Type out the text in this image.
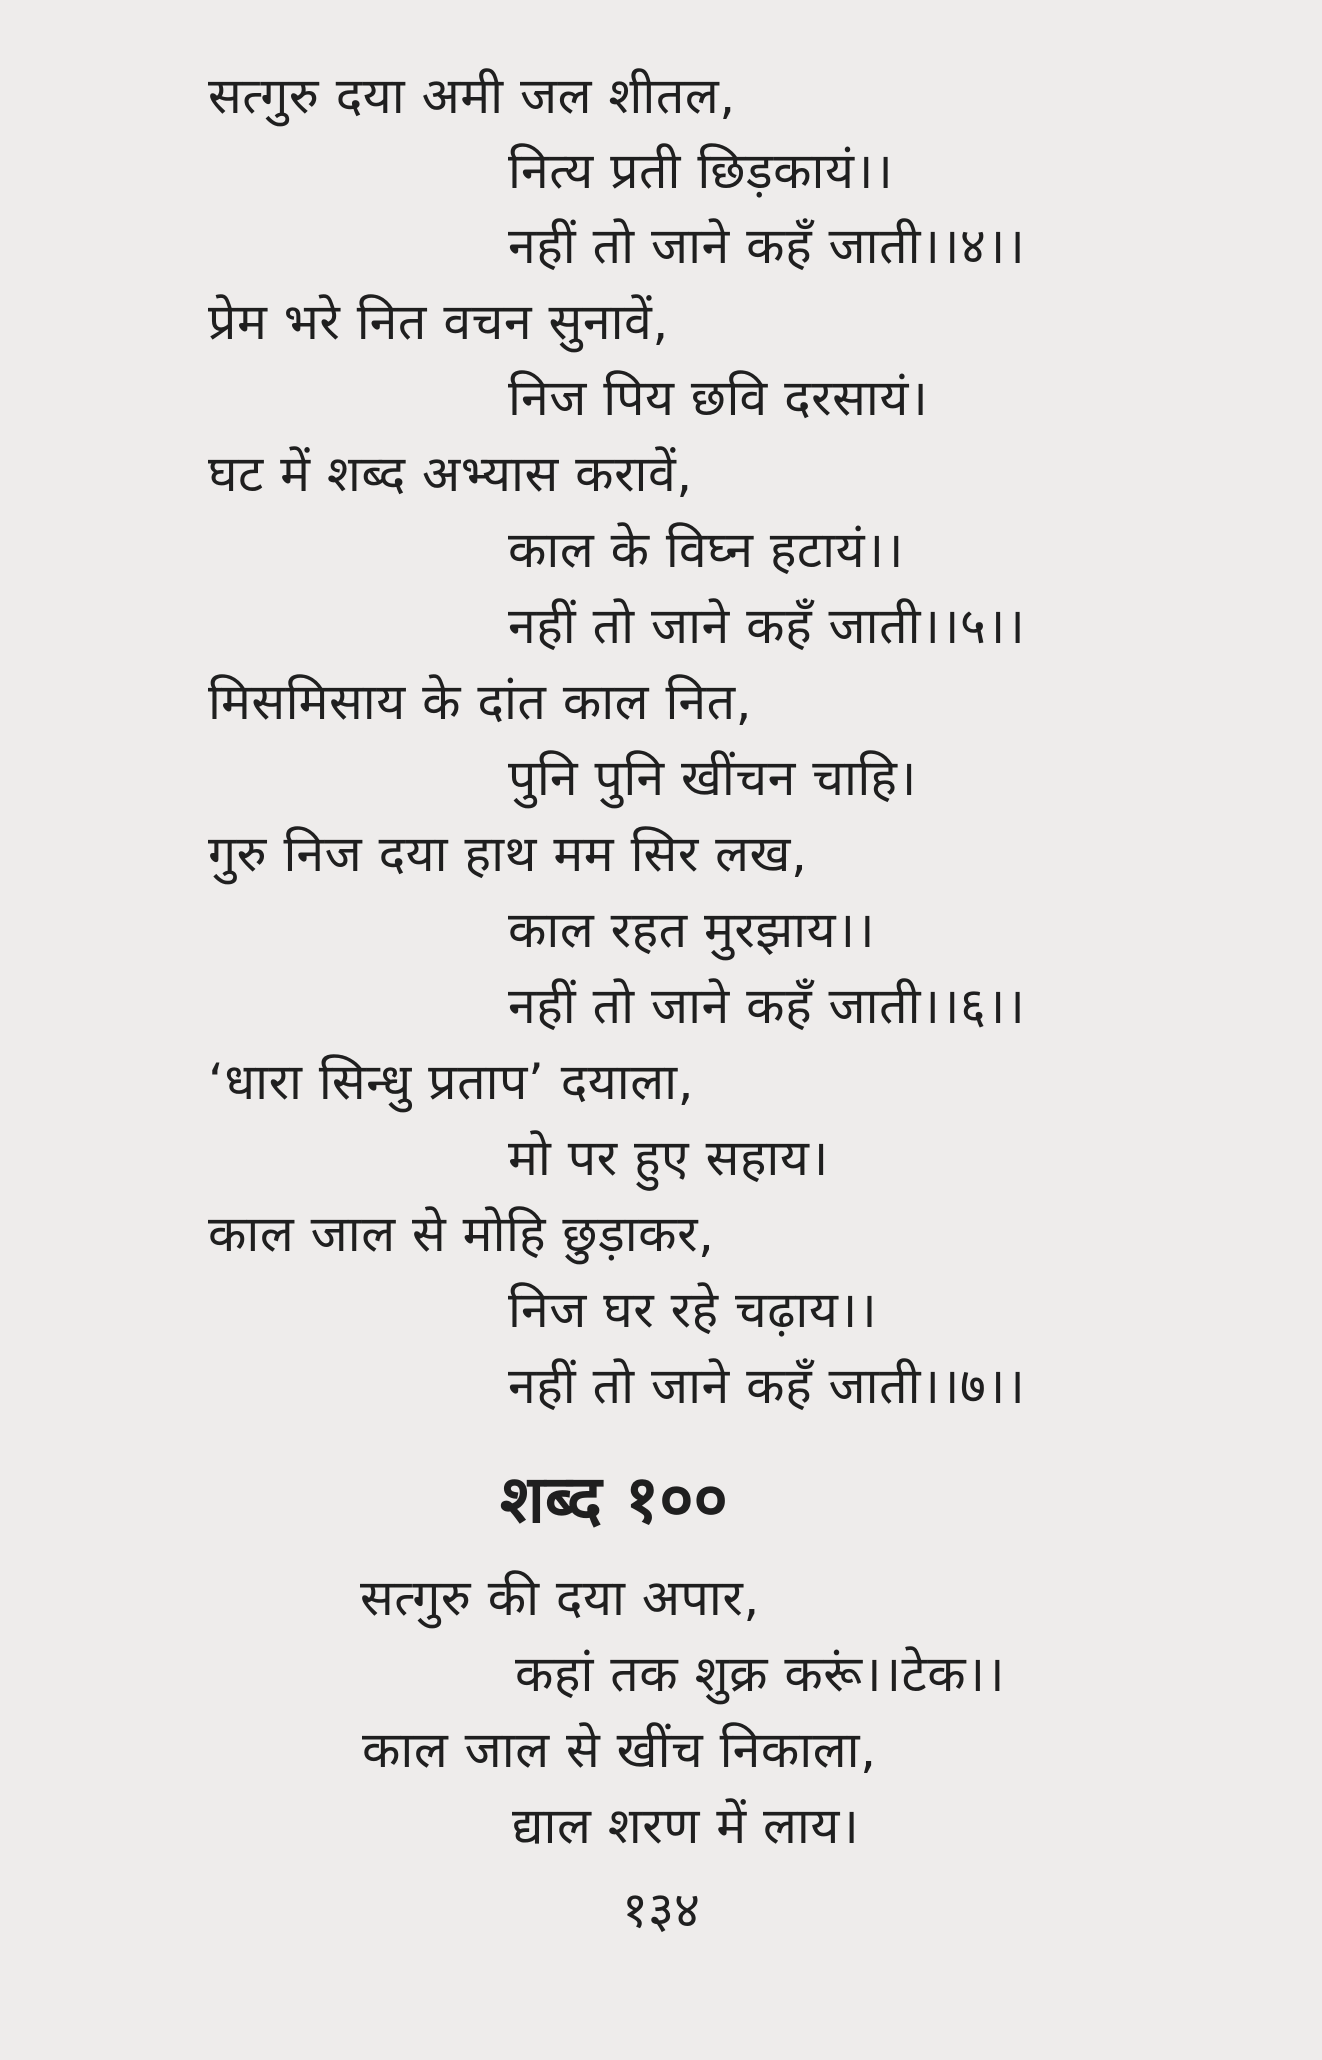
सत्गुरु दया अमी जल शीतल,
नित्य प्रती छिड़कायं।।
नहीं तो जाने कहँ जाती।।४।।
प्रेम भरे नित वचन सुनावें,
निज पिय छवि दरसायं।
घट में शब्द अभ्यास करावें,
काल के विघ्न हटायं।।
नहीं तो जाने कहँ जाती।।५।।
मिसमिसाय के दांत काल नित,
पुनि पुनि खींचन चाहि।
गुरु निज दया हाथ मम सिर लख,
काल रहत मुरझाय।।
नहीं तो जाने कहँ जाती।।६।।
‘धारा सिन्धु प्रताप’ दयाला,
मो पर हुए सहाय।
काल जाल से मोहि छुड़ाकर,
निज घर रहे चढ़ाय।।
नहीं तो जाने कहँ जाती।।७।।
शब्द १००
सत्गुरु की दया अपार,
कहां तक शुक्र करूं।।टेक।।
काल जाल से खींच निकाला,
द्याल शरण में लाय।
१३४
